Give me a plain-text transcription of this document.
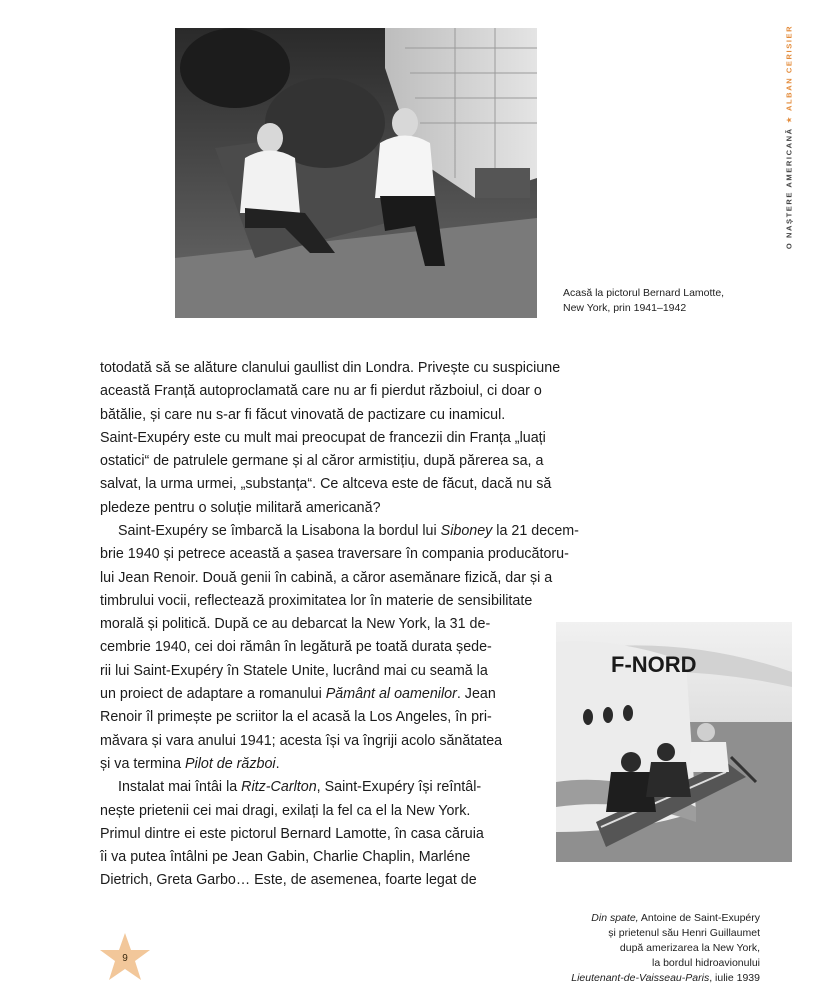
O NAȘTERE AMERICANĂ★ALBAN CERISIER
Acasă la pictorul Bernard Lamotte,
New York, prin 1941–1942
totodată să se alăture clanului gaullist din Londra. Privește cu suspiciune
această Franță autoproclamată care nu ar fi pierdut războiul, ci doar o
bătălie, și care nu s-ar fi făcut vinovată de pactizare cu inamicul.
Saint-Exupéry este cu mult mai preocupat de francezii din Franța „luați
ostatici“ de patrulele germane și al căror armistițiu, după părerea sa, a
salvat, la urma urmei, „substanța“. Ce altceva este de făcut, dacă nu să
pledeze pentru o soluție militară americană?
Saint-Exupéry se îmbarcă la Lisabona la bordul lui Siboney la 21 decem-
brie 1940 și petrece această a șasea traversare în compania producătoru-
lui Jean Renoir. Două genii în cabină, a căror asemănare fizică, dar și a
timbrului vocii, reflectează proximitatea lor în materie de sensibilitate
morală și politică. După ce au debarcat la New York, la 31 de-
cembrie 1940, cei doi rămân în legătură pe toată durata șede-
rii lui Saint-Exupéry în Statele Unite, lucrând mai cu seamă la
un proiect de adaptare a romanului Pământ al oamenilor. Jean
Renoir îl primește pe scriitor la el acasă la Los Angeles, în pri-
măvara și vara anului 1941; acesta își va îngriji acolo sănătatea
și va termina Pilot de război.
Instalat mai întâi la Ritz-Carlton, Saint-Exupéry își reîntâl-
nește prietenii cei mai dragi, exilați la fel ca el la New York.
Primul dintre ei este pictorul Bernard Lamotte, în casa căruia
îi va putea întâlni pe Jean Gabin, Charlie Chaplin, Marléne
Dietrich, Greta Garbo… Este, de asemenea, foarte legat de
F-NORD
Din spate, Antoine de Saint-Exupéry
și prietenul său Henri Guillaumet
după amerizarea la New York,
la bordul hidroavionului
Lieutenant-de-Vaisseau-Paris, iulie 1939
9
